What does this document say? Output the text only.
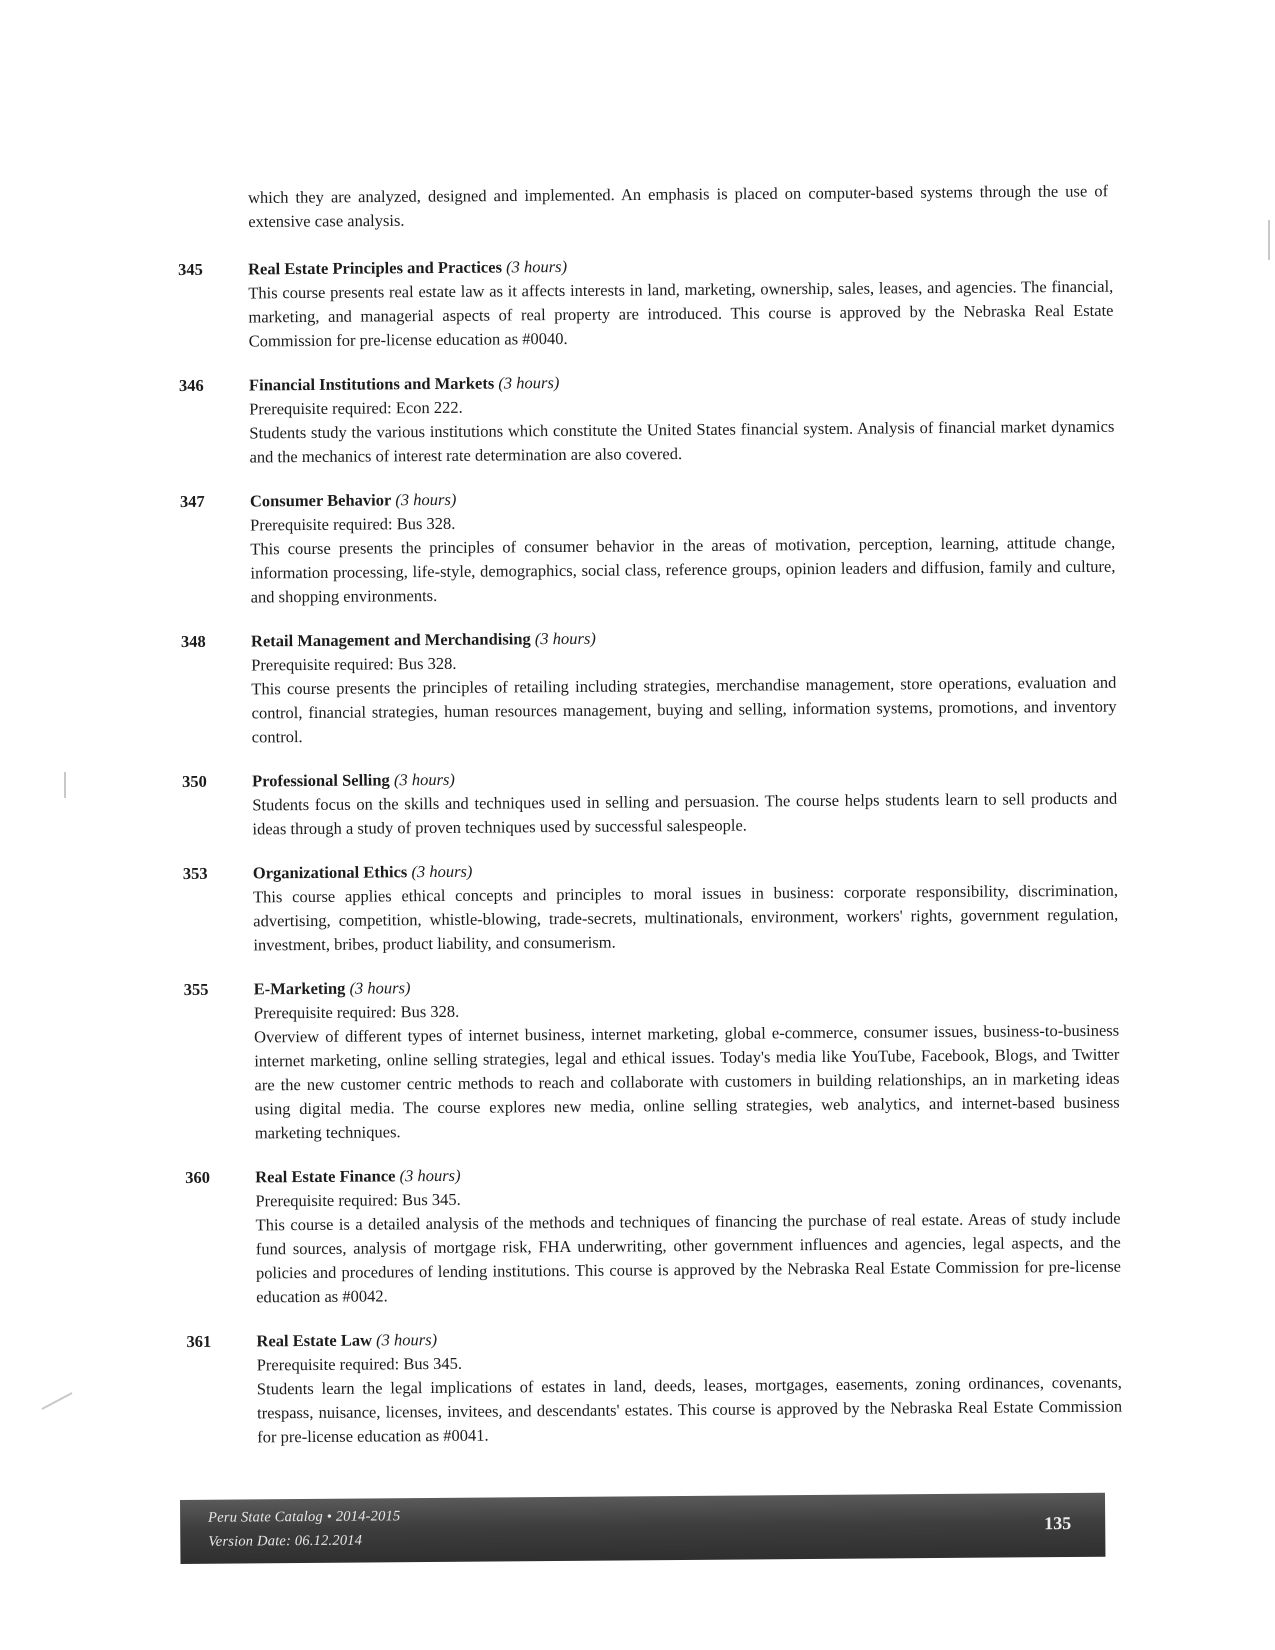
which they are analyzed, designed and implemented. An emphasis is placed on computer-based systems through the use of extensive case analysis.
345	Real Estate Principles and Practices (3 hours)
This course presents real estate law as it affects interests in land, marketing, ownership, sales, leases, and agencies. The financial, marketing, and managerial aspects of real property are introduced. This course is approved by the Nebraska Real Estate Commission for pre-license education as #0040.
346	Financial Institutions and Markets (3 hours)
Prerequisite required: Econ 222.
Students study the various institutions which constitute the United States financial system. Analysis of financial market dynamics and the mechanics of interest rate determination are also covered.
347	Consumer Behavior (3 hours)
Prerequisite required: Bus 328.
This course presents the principles of consumer behavior in the areas of motivation, perception, learning, attitude change, information processing, life-style, demographics, social class, reference groups, opinion leaders and diffusion, family and culture, and shopping environments.
348	Retail Management and Merchandising (3 hours)
Prerequisite required: Bus 328.
This course presents the principles of retailing including strategies, merchandise management, store operations, evaluation and control, financial strategies, human resources management, buying and selling, information systems, promotions, and inventory control.
350	Professional Selling (3 hours)
Students focus on the skills and techniques used in selling and persuasion. The course helps students learn to sell products and ideas through a study of proven techniques used by successful salespeople.
353	Organizational Ethics (3 hours)
This course applies ethical concepts and principles to moral issues in business: corporate responsibility, discrimination, advertising, competition, whistle-blowing, trade-secrets, multinationals, environment, workers' rights, government regulation, investment, bribes, product liability, and consumerism.
355	E-Marketing (3 hours)
Prerequisite required: Bus 328.
Overview of different types of internet business, internet marketing, global e-commerce, consumer issues, business-to-business internet marketing, online selling strategies, legal and ethical issues. Today's media like YouTube, Facebook, Blogs, and Twitter are the new customer centric methods to reach and collaborate with customers in building relationships, an in marketing ideas using digital media. The course explores new media, online selling strategies, web analytics, and internet-based business marketing techniques.
360	Real Estate Finance (3 hours)
Prerequisite required: Bus 345.
This course is a detailed analysis of the methods and techniques of financing the purchase of real estate. Areas of study include fund sources, analysis of mortgage risk, FHA underwriting, other government influences and agencies, legal aspects, and the policies and procedures of lending institutions. This course is approved by the Nebraska Real Estate Commission for pre-license education as #0042.
361	Real Estate Law (3 hours)
Prerequisite required: Bus 345.
Students learn the legal implications of estates in land, deeds, leases, mortgages, easements, zoning ordinances, covenants, trespass, nuisance, licenses, invitees, and descendants' estates. This course is approved by the Nebraska Real Estate Commission for pre-license education as #0041.
Peru State Catalog • 2014-2015
Version Date: 06.12.2014
135
